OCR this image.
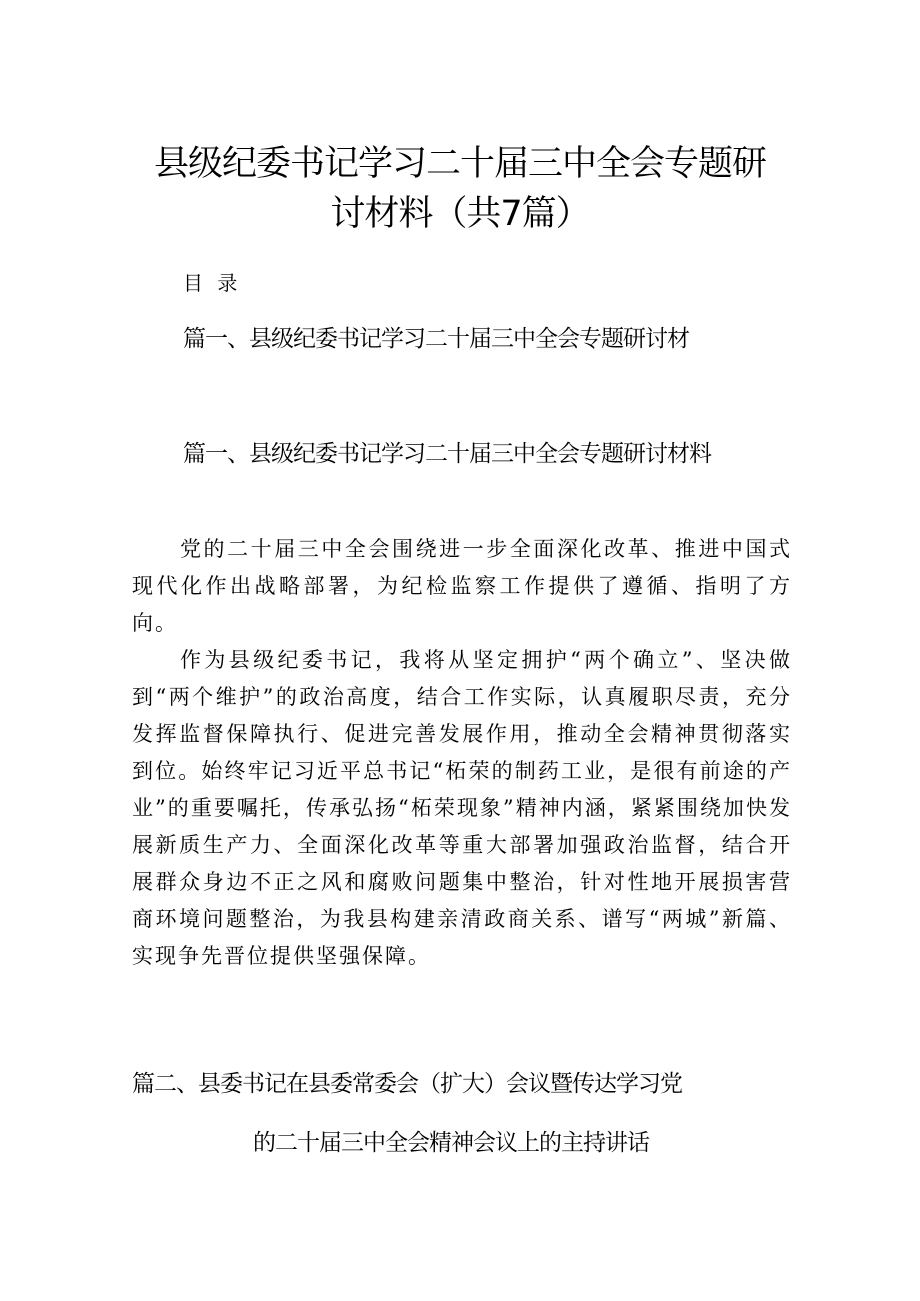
县级纪委书记学习二十届三中全会专题研
讨材料（共7篇）
目 录
篇一、县级纪委书记学习二十届三中全会专题研讨材
篇一、县级纪委书记学习二十届三中全会专题研讨材料
党的二十届三中全会围绕进一步全面深化改革、推进中国式现代化作出战略部署，为纪检监察工作提供了遵循、指明了方向。
作为县级纪委书记，我将从坚定拥护“两个确立”、坚决做到“两个维护”的政治高度，结合工作实际，认真履职尽责，充分发挥监督保障执行、促进完善发展作用，推动全会精神贯彻落实到位。始终牢记习近平总书记“柘荣的制药工业，是很有前途的产业”的重要嘱托，传承弘扬“柘荣现象”精神内涵，紧紧围绕加快发展新质生产力、全面深化改革等重大部署加强政治监督，结合开展群众身边不正之风和腐败问题集中整治，针对性地开展损害营商环境问题整治，为我县构建亲清政商关系、谱写“两城”新篇、实现争先晋位提供坚强保障。
篇二、县委书记在县委常委会（扩大）会议暨传达学习党
的二十届三中全会精神会议上的主持讲话
